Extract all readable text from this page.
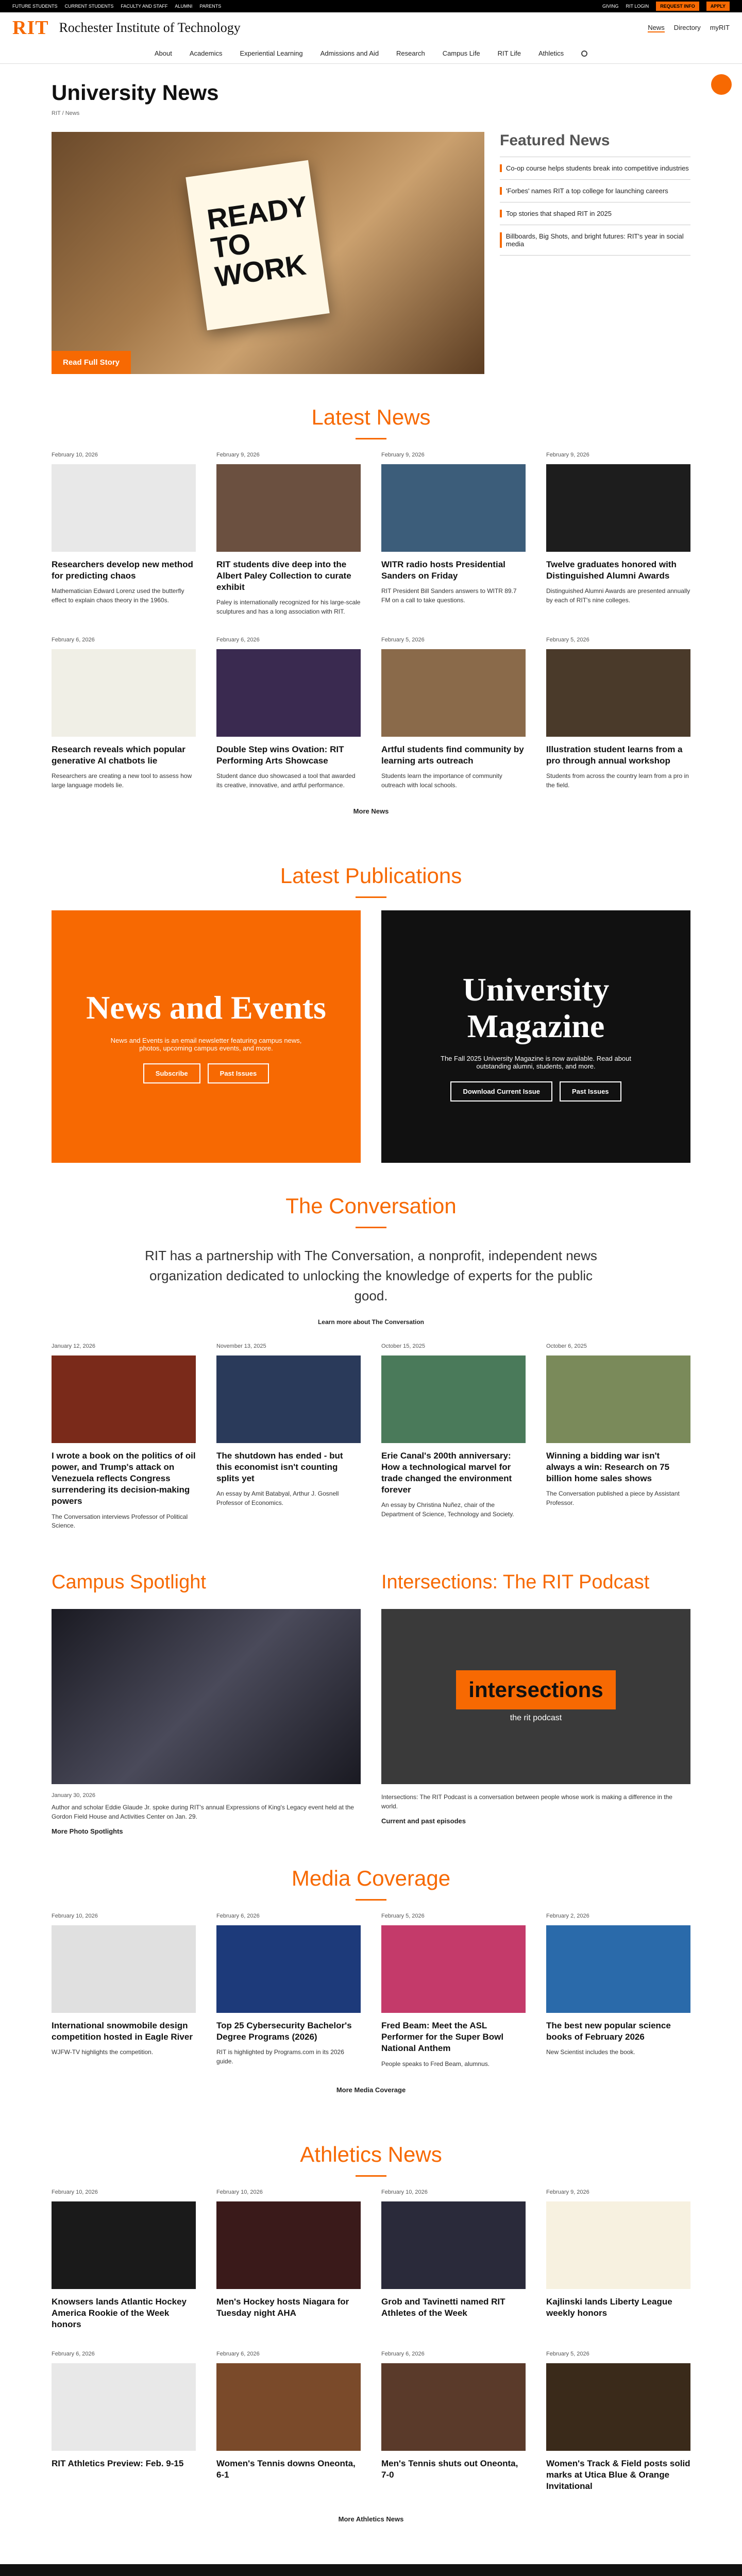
FUTURE STUDENTS CURRENT STUDENTS FACULTY AND STAFF ALUMNI PARENTS	GIVING RIT LOGIN	REQUEST INFO	APPLY
RIT Rochester Institute of Technology	News Directory myRIT
About	Academics	Experiential Learning	Admissions and Aid	Research	Campus Life	RIT Life	Athletics
University News
RIT / News
READY TO WORK
Read Full Story
Featured News
Co-op course helps students break into competitive industries
'Forbes' names RIT a top college for launching careers
Top stories that shaped RIT in 2025
Billboards, Big Shots, and bright futures: RIT's year in social media
Latest News
February 10, 2026
Researchers develop new method for predicting chaos

Mathematician Edward Lorenz used the butterfly effect to explain chaos theory in the 1960s.

February 9, 2026
RIT students dive deep into the Albert Paley Collection to curate exhibit

Paley is internationally recognized for his large-scale sculptures and has a long association with RIT.

February 9, 2026
WITR radio hosts Presidential Sanders on Friday

RIT President Bill Sanders answers to WITR 89.7 FM on a call to take questions.

February 9, 2026
Twelve graduates honored with Distinguished Alumni Awards

Distinguished Alumni Awards are presented annually by each of RIT's nine colleges.

February 6, 2026
Research reveals which popular generative AI chatbots lie

Researchers are creating a new tool to assess how large language models lie.

February 6, 2026
Double Step wins Ovation: RIT Performing Arts Showcase

Student dance duo showcased a tool that awarded its creative, innovative, and artful performance.

February 5, 2026
Artful students find community by learning arts outreach

Students learn the importance of community outreach with local schools.

February 5, 2026
Illustration student learns from a pro through annual workshop

Students from across the country learn from a pro in the field.

More News
Latest Publications
News and Events

News and Events is an email newsletter featuring campus news, photos, upcoming campus events, and more.

Subscribe	Past Issues
University Magazine

The Fall 2025 University Magazine is now available. Read about outstanding alumni, students, and more.

Download Current Issue	Past Issues
The Conversation

RIT has a partnership with The Conversation, a nonprofit, independent news organization dedicated to unlocking the knowledge of experts for the public good.

Learn more about The Conversation
January 12, 2026
I wrote a book on the politics of oil power, and Trump's attack on Venezuela reflects Congress surrendering its decision-making powers

The Conversation interviews Professor of Political Science.

November 13, 2025
The shutdown has ended - but this economist isn't counting splits yet

An essay by Amit Batabyal, Arthur J. Gosnell Professor of Economics.

October 15, 2025
Erie Canal's 200th anniversary: How a technological marvel for trade changed the environment forever

An essay by Christina Nuñez, chair of the Department of Science, Technology and Society.

October 6, 2025
Winning a bidding war isn't always a win: Research on 75 billion home sales shows

The Conversation published a piece by Assistant Professor.

Campus Spotlight
January 30, 2026

Author and scholar Eddie Glaude Jr. spoke during RIT's annual Expressions of King's Legacy event held at the Gordon Field House and Activities Center on Jan. 29.

More Photo Spotlights
Intersections: The RIT Podcast
intersections
the rit podcast

Intersections: The RIT Podcast is a conversation between people whose work is making a difference in the world.

Current and past episodes
Media Coverage
February 10, 2026
International snowmobile design competition hosted in Eagle River

WJFW-TV highlights the competition.

February 6, 2026
Top 25 Cybersecurity Bachelor's Degree Programs (2026)

RIT is highlighted by Programs.com in its 2026 guide.

February 5, 2026
Fred Beam: Meet the ASL Performer for the Super Bowl National Anthem

People speaks to Fred Beam, alumnus.

February 2, 2026
The best new popular science books of February 2026

New Scientist includes the book.

More Media Coverage
Athletics News
February 10, 2026
Knowsers lands Atlantic Hockey America Rookie of the Week honors
February 10, 2026
Men's Hockey hosts Niagara for Tuesday night AHA
February 10, 2026
Grob and Tavinetti named RIT Athletes of the Week
February 9, 2026
Kajlinski lands Liberty League weekly honors
February 6, 2026
RIT Athletics Preview: Feb. 9-15
February 6, 2026
Women's Tennis downs Oneonta, 6-1
February 6, 2026
Men's Tennis shuts out Oneonta, 7-0
February 5, 2026
Women's Track & Field posts solid marks at Utica Blue & Orange Invitational
More Athletics News
